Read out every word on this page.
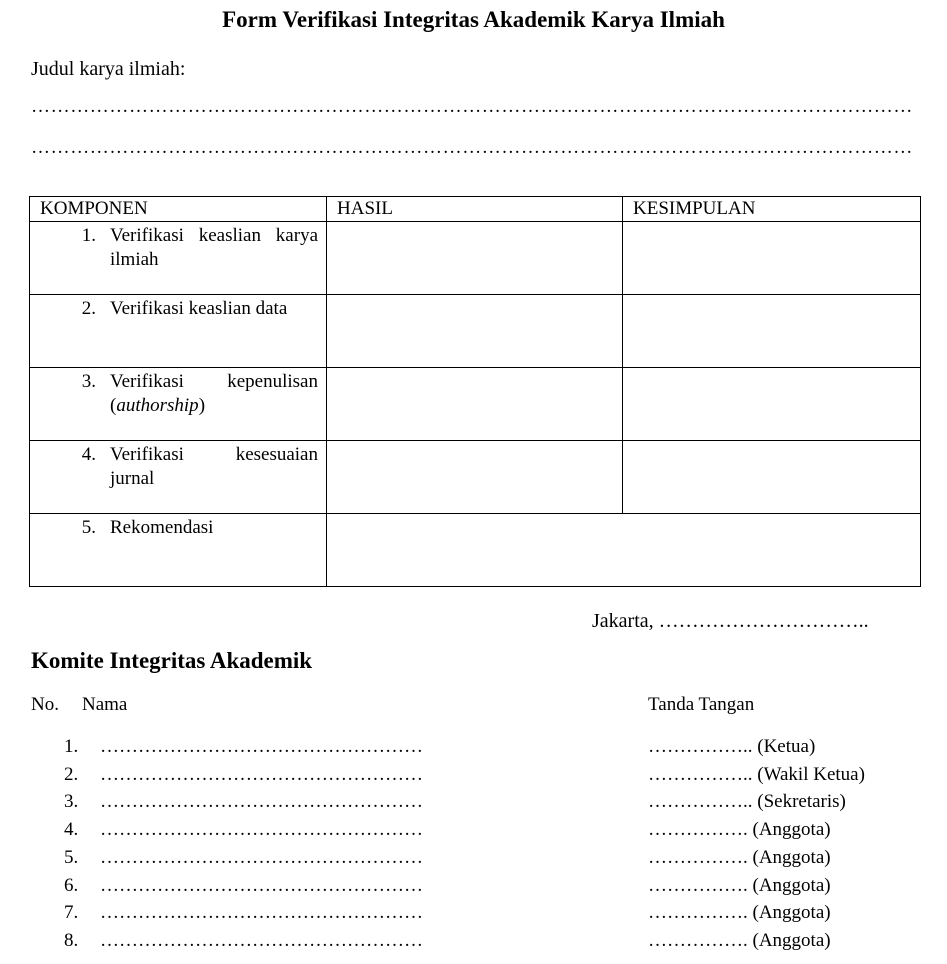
Form Verifikasi Integritas Akademik Karya Ilmiah
Judul karya ilmiah:
………………………………………………………………………………………………………………………
………………………………………………………………………………………………………………………
KOMPONEN	HASIL	KESIMPULAN

1. Verifikasi keaslian karya ilmiah		

2. Verifikasi keaslian data		

3. Verifikasi kepenulisan (authorship)		

4. Verifikasi kesesuaian jurnal		

5. Rekomendasi		

Jakarta, …………………………..
Komite Integritas Akademik
No. Nama	Tanda Tangan
1. ……………………………………………	…………….. (Ketua)
2. ……………………………………………	…………….. (Wakil Ketua)
3. ……………………………………………	…………….. (Sekretaris)
4. ……………………………………………	……………. (Anggota)
5. ……………………………………………	……………. (Anggota)
6. ……………………………………………	……………. (Anggota)
7. ……………………………………………	……………. (Anggota)
8. ……………………………………………	……………. (Anggota)
